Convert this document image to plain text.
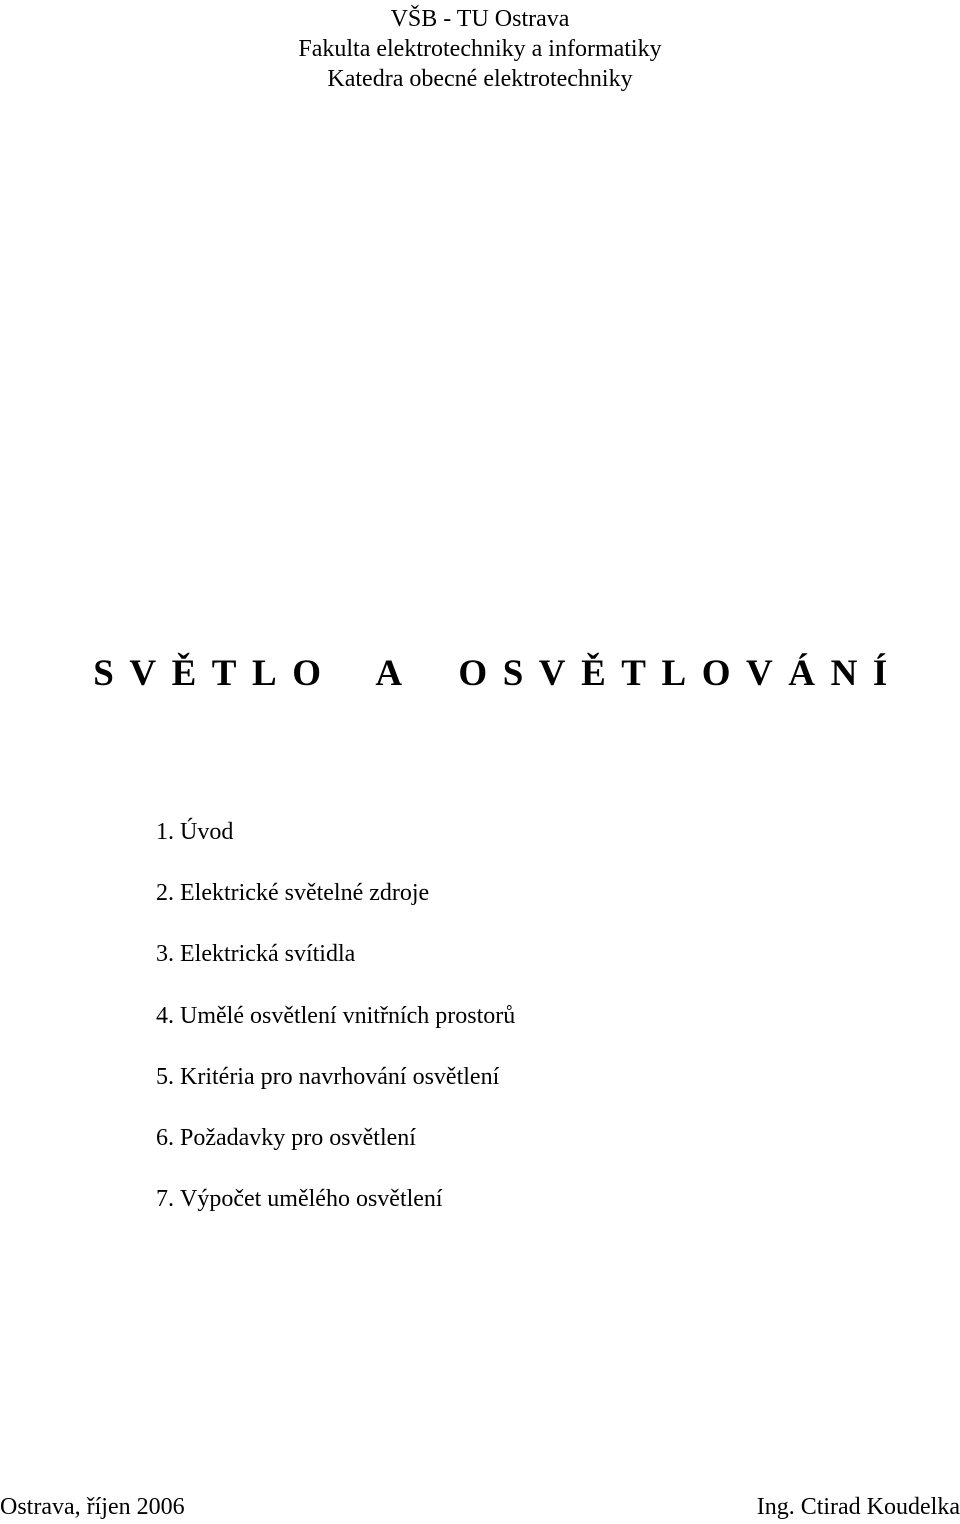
VŠB - TU Ostrava
Fakulta elektrotechniky a informatiky
Katedra obecné elektrotechniky
SVĚTLO A OSVĚTLOVÁNÍ
1. Úvod
2. Elektrické světelné zdroje
3. Elektrická svítidla
4. Umělé osvětlení vnitřních prostorů
5. Kritéria pro navrhování osvětlení
6. Požadavky pro osvětlení
7. Výpočet umělého osvětlení
Ostrava, říjen 2006	Ing. Ctirad Koudelka
